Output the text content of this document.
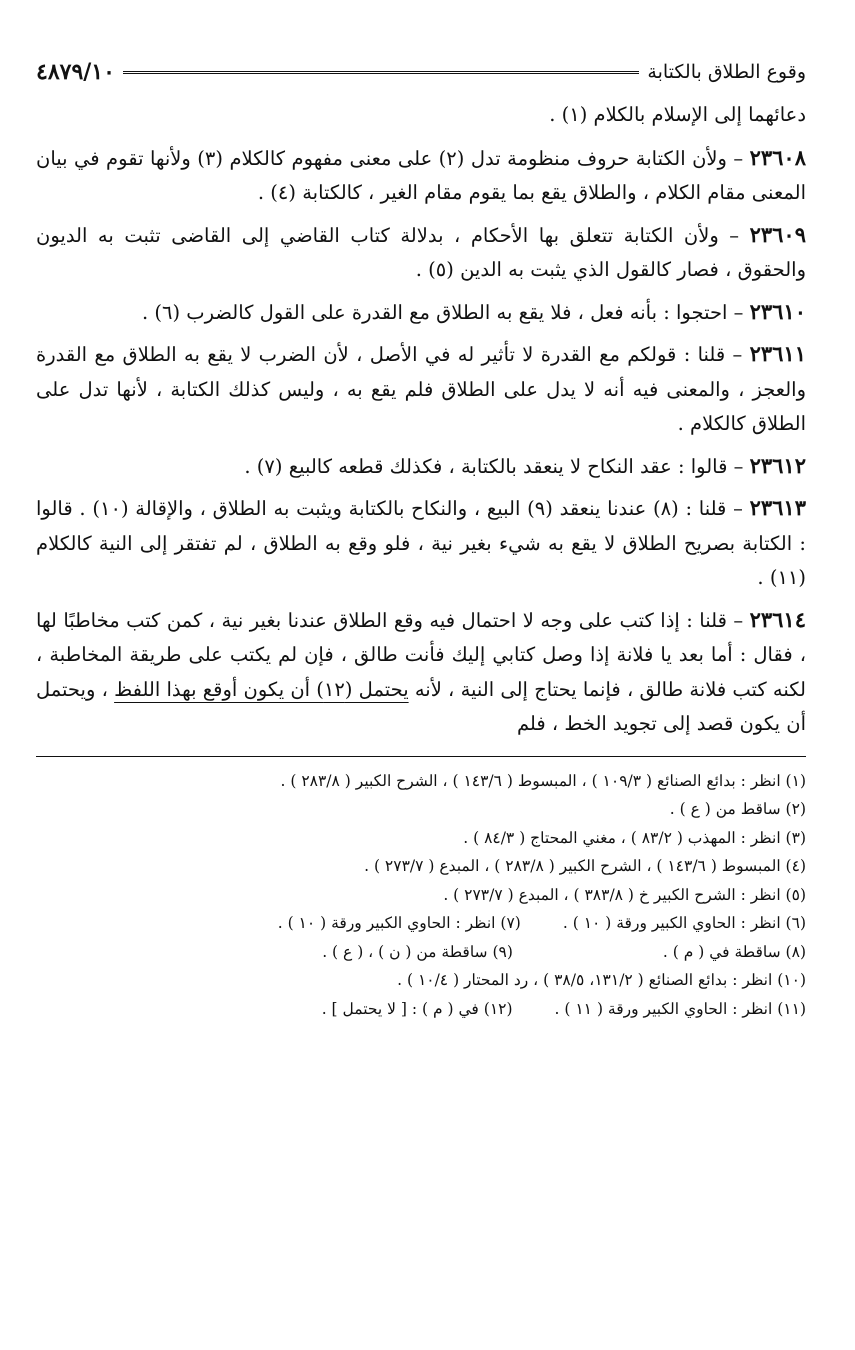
وقوع الطلاق بالكتابة
٤٨٧٩/١٠

دعائهما إلى الإسلام بالكلام (١) .

٢٣٦٠٨ – ولأن الكتابة حروف منظومة تدل (٢) على معنى مفهوم كالكلام (٣) ولأنها تقوم في بيان المعنى مقام الكلام ، والطلاق يقع بما يقوم مقام الغير ، كالكتابة (٤) .

٢٣٦٠٩ – ولأن الكتابة تتعلق بها الأحكام ، بدلالة كتاب القاضي إلى القاضى تثبت به الديون والحقوق ، فصار كالقول الذي يثبت به الدين (٥) .

٢٣٦١٠ – احتجوا : بأنه فعل ، فلا يقع به الطلاق مع القدرة على القول كالضرب (٦) .

٢٣٦١١ – قلنا : قولكم مع القدرة لا تأثير له في الأصل ، لأن الضرب لا يقع به الطلاق مع القدرة والعجز ، والمعنى فيه أنه لا يدل على الطلاق فلم يقع به ، وليس كذلك الكتابة ، لأنها تدل على الطلاق كالكلام .

٢٣٦١٢ – قالوا : عقد النكاح لا ينعقد بالكتابة ، فكذلك قطعه كالبيع (٧) .

٢٣٦١٣ – قلنا : (٨) عندنا ينعقد (٩) البيع ، والنكاح بالكتابة ويثبت به الطلاق ، والإقالة (١٠) . قالوا : الكتابة بصريح الطلاق لا يقع به شيء بغير نية ، فلو وقع به الطلاق ، لم تفتقر إلى النية كالكلام (١١) .

٢٣٦١٤ – قلنا : إذا كتب على وجه لا احتمال فيه وقع الطلاق عندنا بغير نية ، كمن كتب مخاطبًا لها ، فقال : أما بعد يا فلانة إذا وصل كتابي إليك فأنت طالق ، فإن لم يكتب على طريقة المخاطبة ، لكنه كتب فلانة طالق ، فإنما يحتاج إلى النية ، لأنه يحتمل (١٢) أن يكون أوقع بهذا اللفظ ، ويحتمل أن يكون قصد إلى تجويد الخط ، فلم

(١) انظر : بدائع الصنائع ( ١٠٩/٣ ) ، المبسوط ( ١٤٣/٦ ) ، الشرح الكبير ( ٢٨٣/٨ ) .
(٢) ساقط من ( ع ) .
(٣) انظر : المهذب ( ٨٣/٢ ) ، مغني المحتاج ( ٨٤/٣ ) .
(٤) المبسوط ( ١٤٣/٦ ) ، الشرح الكبير ( ٢٨٣/٨ ) ، المبدع ( ٢٧٣/٧ ) .
(٥) انظر : الشرح الكبير خ ( ٣٨٣/٨ ) ، المبدع ( ٢٧٣/٧ ) .
(٦) انظر : الحاوي الكبير ورقة ( ١٠ ) .
(٧) انظر : الحاوي الكبير ورقة ( ١٠ ) .
(٨) ساقطة في ( م ) .
(٩) ساقطة من ( ن ) ، ( ع ) .
(١٠) انظر : بدائع الصنائع ( ١٣١/٢، ٣٨/٥ ) ، رد المحتار ( ١٠/٤ ) .
(١١) انظر : الحاوي الكبير ورقة ( ١١ ) .
(١٢) في ( م ) : [ لا يحتمل ] .
